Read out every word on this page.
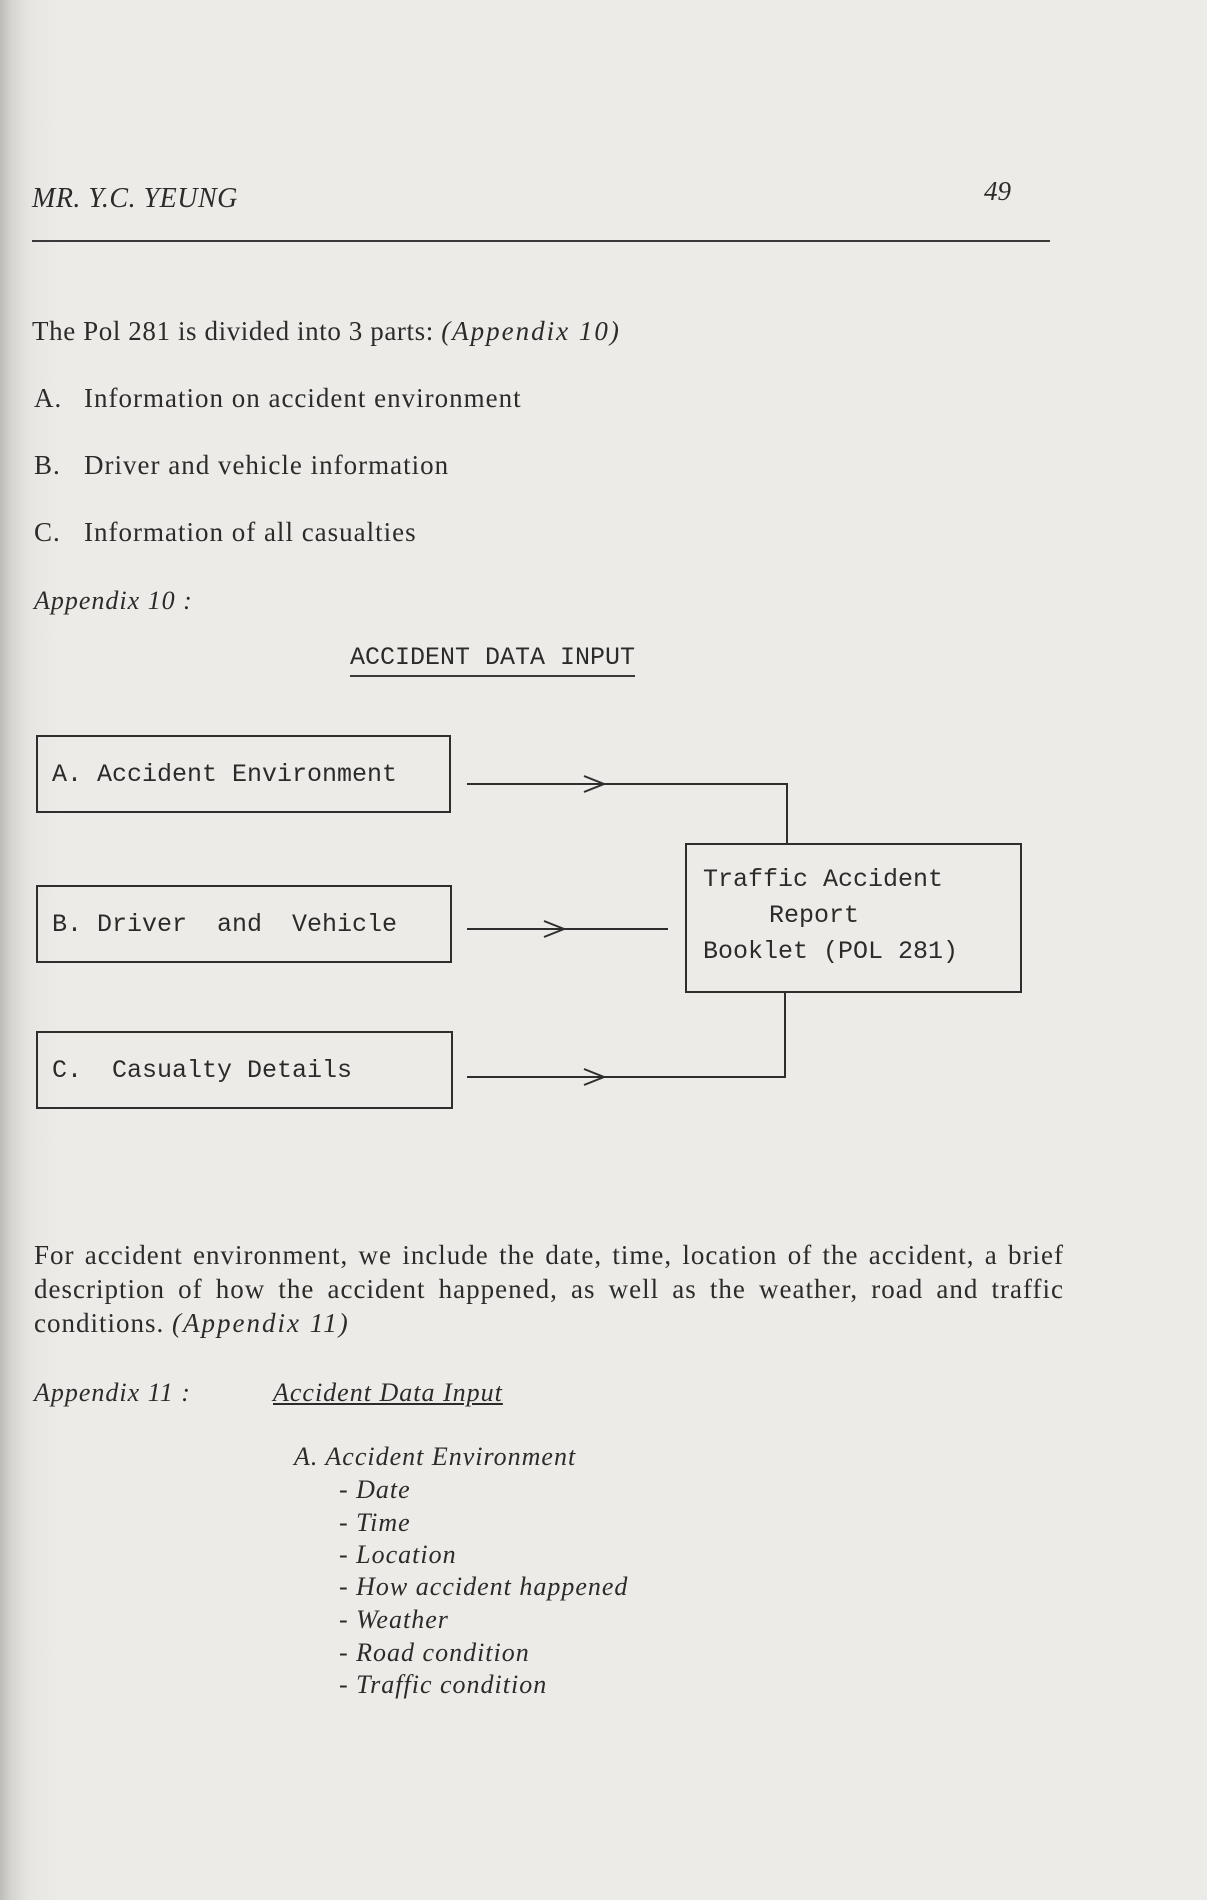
MR. Y.C. YEUNG	49
The Pol 281 is divided into 3 parts: (Appendix 10)
A. Information on accident environment
B. Driver and vehicle information
C. Information of all casualties
Appendix 10 :
ACCIDENT DATA INPUT
A. Accident Environment
B. Driver  and  Vehicle
C.  Casualty Details
Traffic Accident
Report
Booklet (POL 281)
For accident environment, we include the date, time, location of the accident, a brief description of how the accident happened, as well as the weather, road and traffic conditions. (Appendix 11)
Appendix 11 :	Accident Data Input
A. Accident Environment
- Date
- Time
- Location
- How accident happened
- Weather
- Road condition
- Traffic condition
